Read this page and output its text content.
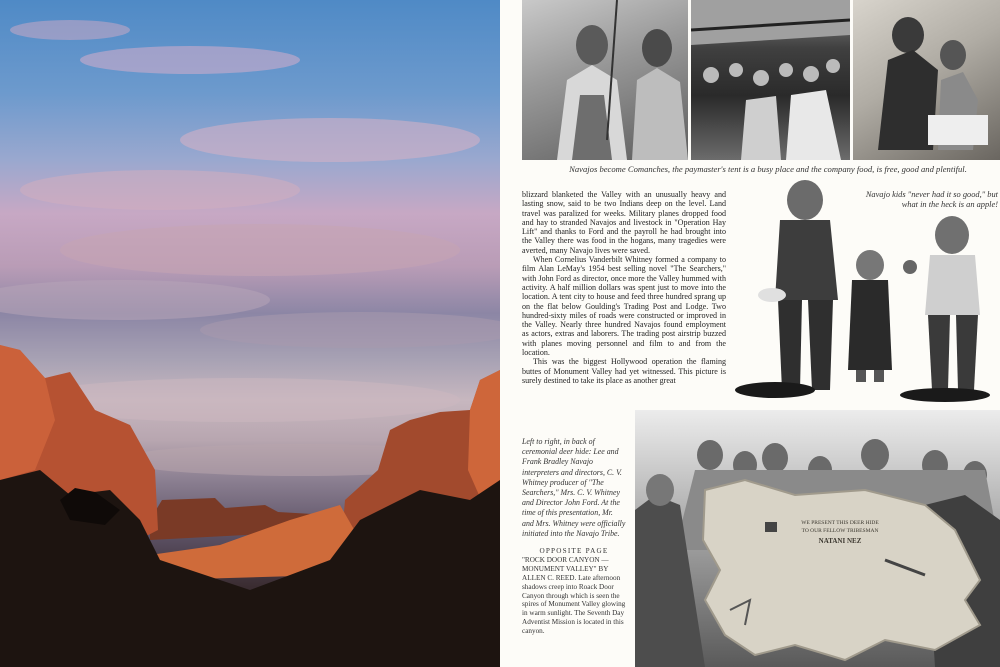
Navajos become Comanches, the paymaster's tent is a busy place and the company food, is free, good and plentiful.

blizzard blanketed the Valley with an unusually heavy and lasting snow, said to be two Indians deep on the level. Land travel was paralized for weeks. Military planes dropped food and hay to stranded Navajos and livestock in "Operation Hay Lift" and thanks to Ford and the payroll he had brought into the Valley there was food in the hogans, many tragedies were averted, many Navajo lives were saved.

When Cornelius Vanderbilt Whitney formed a company to film Alan LeMay's 1954 best selling novel "The Searchers," with John Ford as director, once more the Valley hummed with activity. A half million dollars was spent just to move into the location. A tent city to house and feed three hundred sprang up on the flat below Goulding's Trading Post and Lodge. Two hundred-sixty miles of roads were constructed or improved in the Valley. Nearly three hundred Navajos found employment as actors, extras and laborers. The trading post airstrip buzzed with planes moving personnel and film to and from the location.

This was the biggest Hollywood operation the flaming buttes of Monument Valley had yet witnessed. This picture is surely destined to take its place as another great

Navajo kids "never had it so good," but what in the heck is an apple!
Left to right, in back of ceremonial deer hide: Lee and Frank Bradley Navajo interpreters and directors, C. V. Whitney producer of "The Searchers," Mrs. C. V. Whitney and Director John Ford. At the time of this presentation, Mr. and Mrs. Whitney were officially initiated into the Navajo Tribe.
OPPOSITE PAGE
"ROCK DOOR CANYON — MONUMENT VALLEY" BY ALLEN C. REED. Late afternoon shadows creep into Roack Door Canyon through which is seen the spires of Monument Valley glowing in warm sunlight. The Seventh Day Adventist Mission is located in this canyon.
WE PRESENT THIS DEER HIDE
TO OUR FELLOW TRIBESMAN
NATANI NEZ
